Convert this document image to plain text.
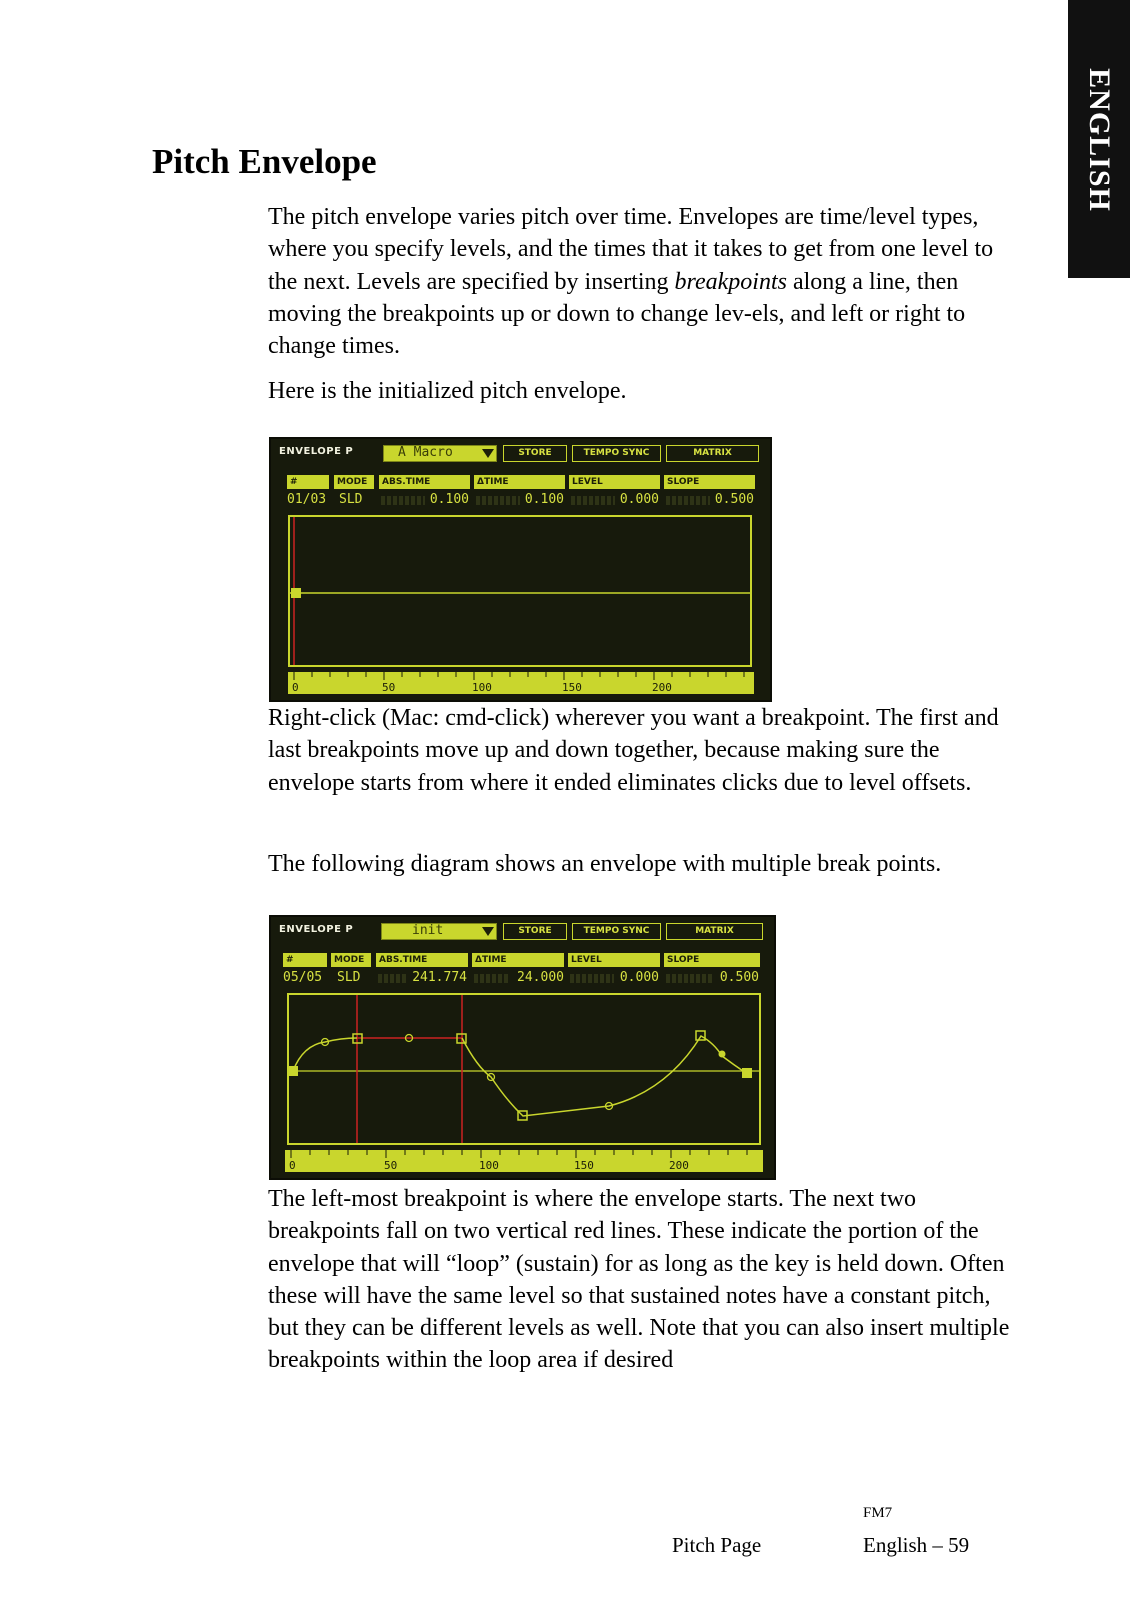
ENGLISH
Pitch Envelope

The pitch envelope varies pitch over time. Envelopes are time/level types, where you specify levels, and the times that it takes to get from one level to the next. Levels are specified by inserting breakpoints along a line, then moving the breakpoints up or down to change lev-els, and left or right to change times.

Here is the initialized pitch envelope.

ENVELOPE P	A Macro	STORE	TEMPO SYNC	MATRIX
#	MODE	ABS.TIME	ΔTIME	LEVEL	SLOPE
01/03 SLD	0.100	0.100	0.000	0.500
0	50	100	150	200

Right-click (Mac: cmd-click) wherever you want a breakpoint. The first and last breakpoints move up and down together, because making sure the envelope starts from where it ended eliminates clicks due to level offsets.

The following diagram shows an envelope with multiple break points.

ENVELOPE P	init	STORE	TEMPO SYNC	MATRIX
#	MODE	ABS.TIME	ΔTIME	LEVEL	SLOPE
05/05 SLD	241.774	24.000	0.000	0.500
0	50	100	150	200

The left-most breakpoint is where the envelope starts. The next two breakpoints fall on two vertical red lines. These indicate the portion of the envelope that will “loop” (sustain) for as long as the key is held down. Often these will have the same level so that sustained notes have a constant pitch, but they can be different levels as well. Note that you can also insert multiple breakpoints within the loop area if desired

FM7
Pitch Page	English – 59
